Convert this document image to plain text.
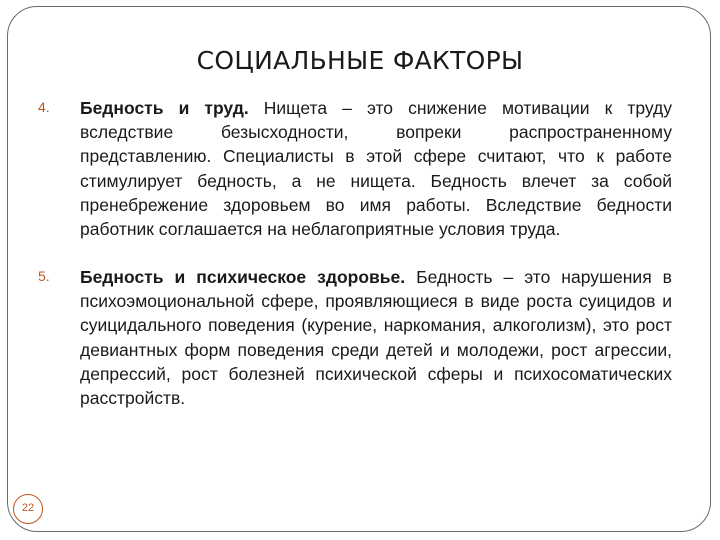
СОЦИАЛЬНЫЕ ФАКТОРЫ
4. Бедность и труд. Нищета – это снижение мотивации к труду вследствие безысходности, вопреки распространенному представлению. Специалисты в этой сфере считают, что к работе стимулирует бедность, а не нищета. Бедность влечет за собой пренебрежение здоровьем во имя работы. Вследствие бедности работник соглашается на неблагоприятные условия труда.

5. Бедность и психическое здоровье. Бедность – это нарушения в психоэмоциональной сфере, проявляющиеся в виде роста суицидов и суицидального поведения (курение, наркомания, алкоголизм), это рост девиантных форм поведения среди детей и молодежи, рост агрессии, депрессий, рост болезней психической сферы и психосоматических расстройств.

22
